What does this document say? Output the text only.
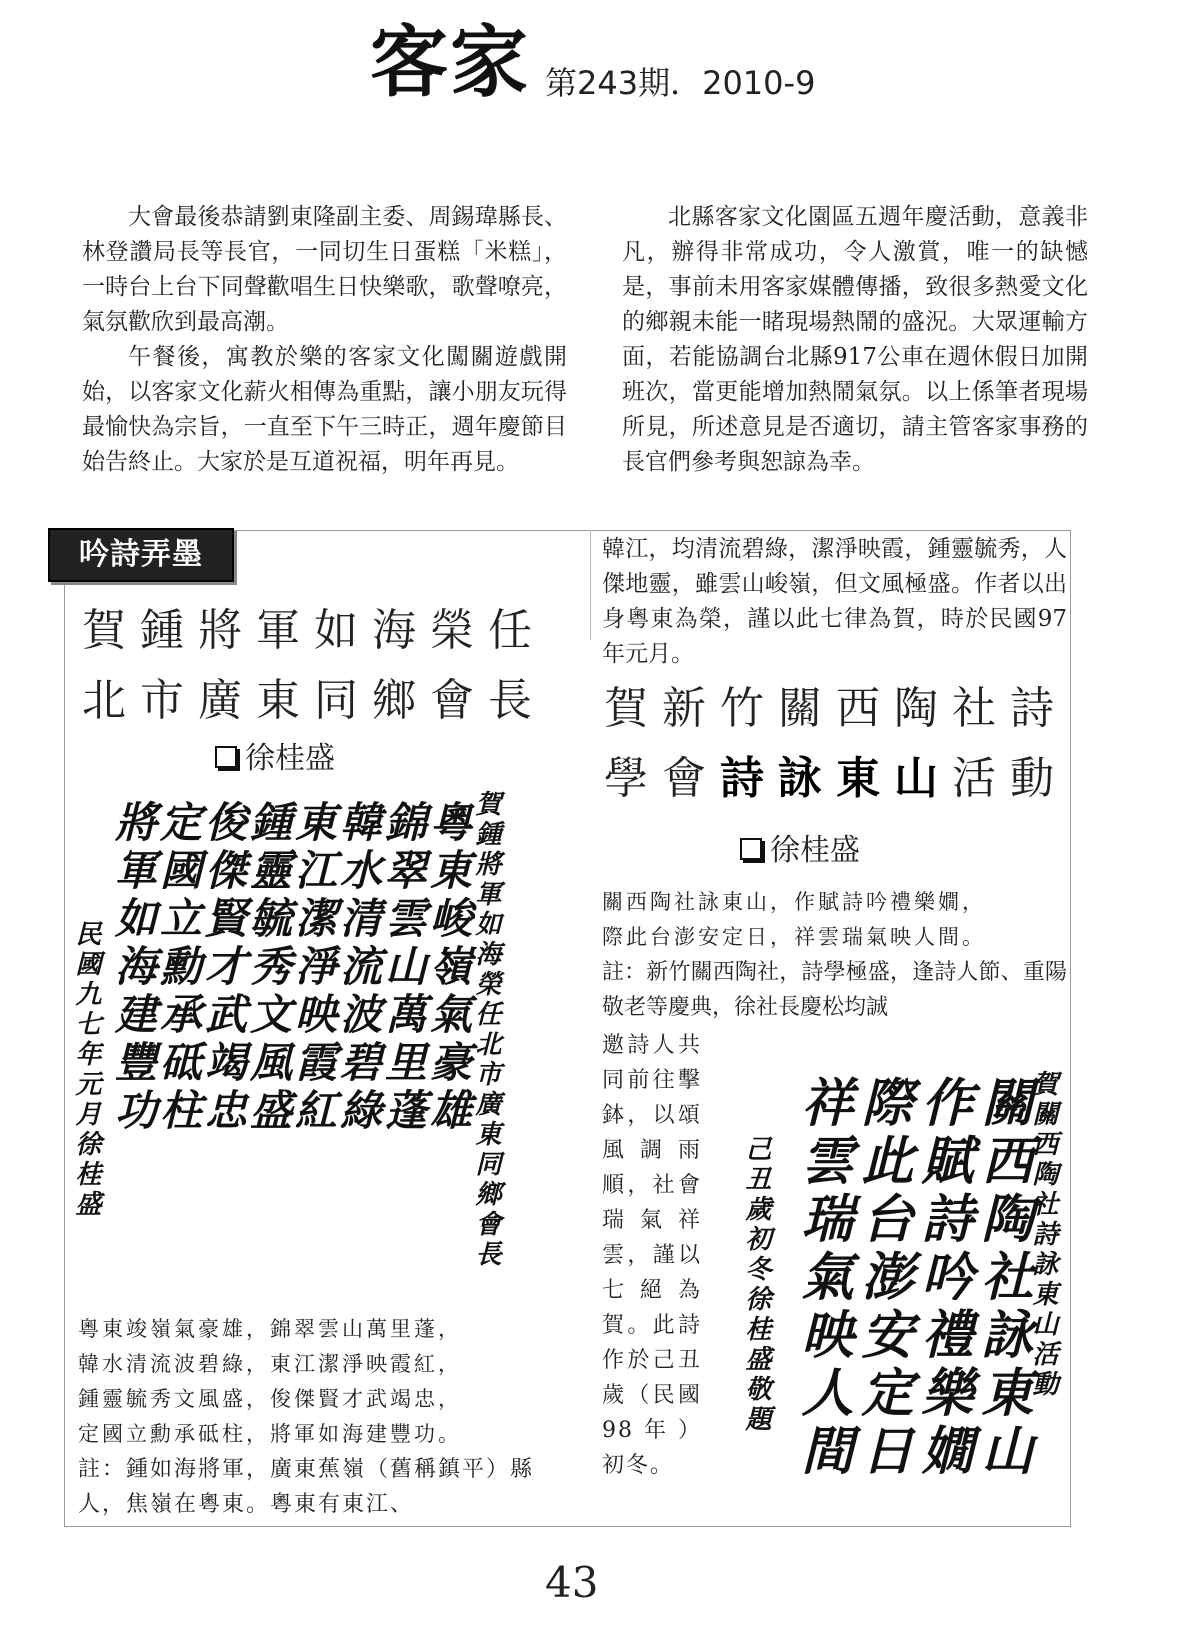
客家 第243期．2010-9

大會最後恭請劉東隆副主委、周錫瑋縣長、林登讚局長等長官，一同切生日蛋糕「米糕」，一時台上台下同聲歡唱生日快樂歌，歌聲嘹亮，氣氛歡欣到最高潮。

午餐後，寓教於樂的客家文化闖關遊戲開始，以客家文化薪火相傳為重點，讓小朋友玩得最愉快為宗旨，一直至下午三時正，週年慶節目始告終止。大家於是互道祝福，明年再見。

北縣客家文化園區五週年慶活動，意義非凡，辦得非常成功，令人激賞，唯一的缺憾是，事前未用客家媒體傳播，致很多熱愛文化的鄉親未能一睹現場熱鬧的盛況。大眾運輸方面，若能協調台北縣917公車在週休假日加開班次，當更能增加熱鬧氣氛。以上係筆者現場所見，所述意見是否適切，請主管客家事務的長官們參考與恕諒為幸。

吟詩弄墨
賀鍾將軍如海榮任
北市廣東同鄉會長
徐桂盛
韓江，均清流碧綠，潔淨映霞，鍾靈毓秀，人傑地靈，雖雲山峻嶺，但文風極盛。作者以出身粵東為榮，謹以此七律為賀，時於民國97年元月。
賀新竹關西陶社詩
學會詩詠東山活動
徐桂盛
賀鍾將軍如海榮任北市廣東同鄉會長
粵東峻嶺氣豪雄
錦翠雲山萬里蓬
韓水清流波碧綠
東江潔淨映霞紅
鍾靈毓秀文風盛
俊傑賢才武竭忠
定國立勳承砥柱
將軍如海建豐功
民國九七年元月徐桂盛
粵東竣嶺氣豪雄，錦翠雲山萬里蓬，
韓水清流波碧綠，東江潔淨映霞紅，
鍾靈毓秀文風盛，俊傑賢才武竭忠，
定國立勳承砥柱，將軍如海建豐功。
註：鍾如海將軍，廣東蕉嶺（舊稱鎮平）縣人，焦嶺在粵東。粵東有東江、
關西陶社詠東山，作賦詩吟禮樂嫺，
際此台澎安定日，祥雲瑞氣映人間。
註：新竹關西陶社，詩學極盛，逢詩人節、重陽敬老等慶典，徐社長慶松均誠
邀詩人共同前往擊鉢，以頌風調雨順，社會瑞氣祥雲，謹以七絕為賀。此詩作於己丑歲（民國98年）初冬。
賀關西陶社詩詠東山活動
關西陶社詠東山
作賦詩吟禮樂嫺
際此台澎安定日
祥雲瑞氣映人間
己丑歲初冬徐桂盛敬題
43
